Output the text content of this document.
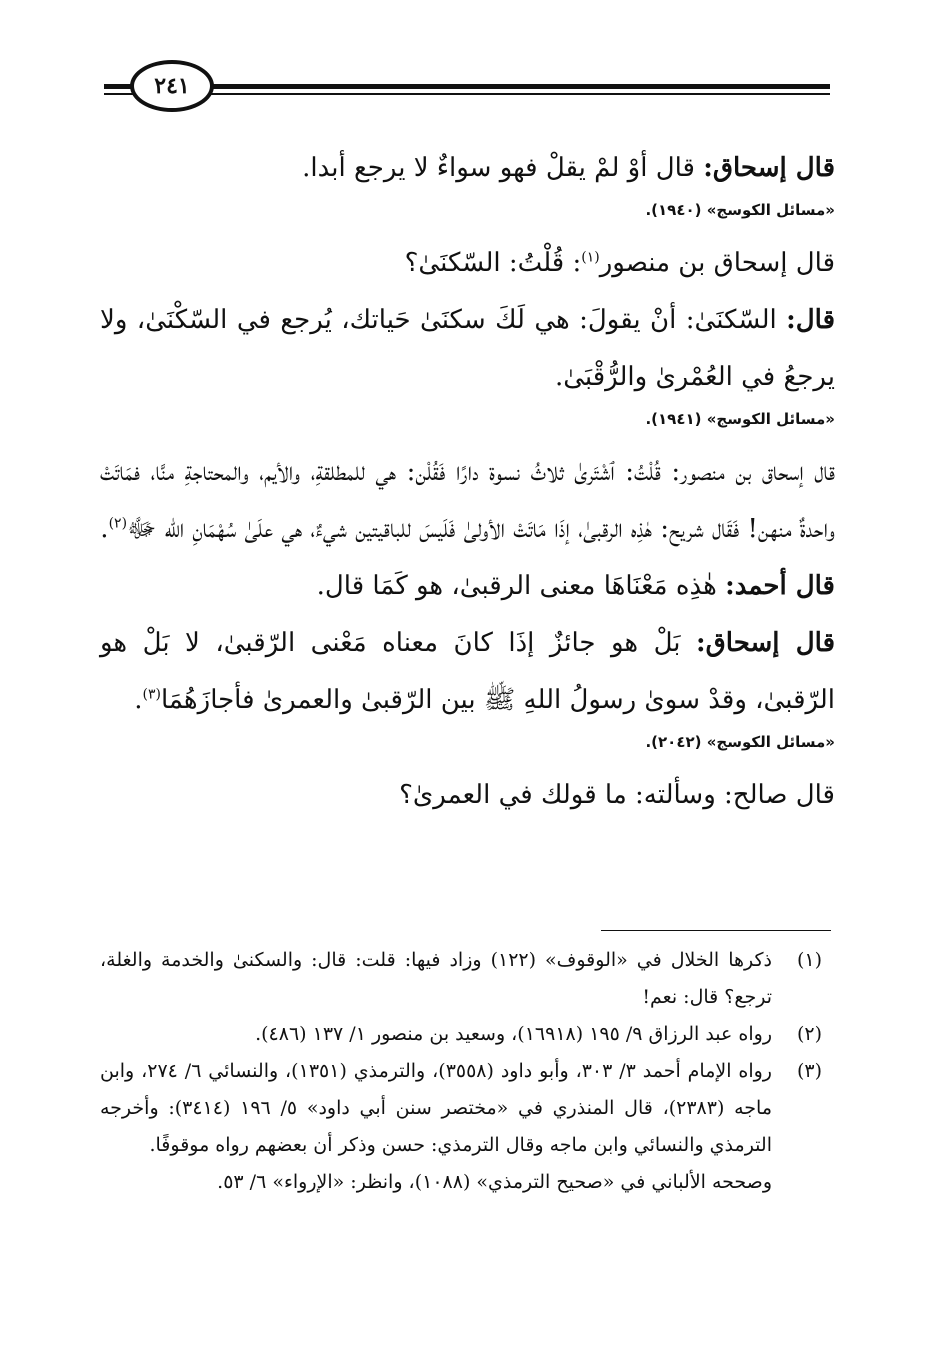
٢٤١

قال إسحاق: قال أوْ لمْ يقلْ فهو سواءٌ لا يرجع أبدا.

«مسائل الكوسج» (١٩٤٠).

قال إسحاق بن منصور$^{(١)}$: قُلْتُ: السّكنَىٰ؟

قال: السّكنَىٰ: أنْ يقولَ: هي لَكَ سكنَىٰ حَياتك، يُرجع في السّكْنَىٰ، ولا يرجعُ في العُمْرىٰ والرُّقْبَىٰ.

«مسائل الكوسج» (١٩٤١).

قال إسحاق بن منصور: قُلْتُ: ٱشْتَرىٰ ثلاثُ نسوة دارًا فَقُلْن: هي للمطلقةِ، والأيم، والمحتاجةِ منَّا، فمَاتَتْ واحدةٌ منهن! فَقَال شريح: هٰذِه الرقبىٰ، إذَا مَاتَتْ الأولىٰ فَلَيسَ للباقيتين شيءٌ، هي علَىٰ سُهْمَانِ الله ﷻ$^{(٢)}$.

قال أحمد: هٰذِه مَعْنَاهَا معنى الرقبىٰ، هو كَمَا قال.

قال إسحاق: بَلْ هو جائزٌ إذَا كانَ معناه مَعْنى الرّقبىٰ، لا بَلْ هو الرّقبىٰ، وقدْ سوىٰ رسولُ اللهِ ﷺ بين الرّقبىٰ والعمرىٰ فأجازَهُمَا$^{(٣)}$.

«مسائل الكوسج» (٢٠٤٢).

قال صالح: وسألته: ما قولك في العمرىٰ؟

(١)
ذكرها الخلال في «الوقوف» (١٢٢) وزاد فيها: قلت: قال: والسكنىٰ والخدمة والغلة، ترجع؟ قال: نعم!
(٢)
رواه عبد الرزاق ٩/ ١٩٥ (١٦٩١٨)، وسعيد بن منصور ١/ ١٣٧ (٤٨٦).
(٣)
رواه الإمام أحمد ٣/ ٣٠٣، وأبو داود (٣٥٥٨)، والترمذي (١٣٥١)، والنسائي ٦/ ٢٧٤، وابن ماجه (٢٣٨٣)، قال المنذري في «مختصر سنن أبي داود» ٥/ ١٩٦ (٣٤١٤): وأخرجه الترمذي والنسائي وابن ماجه وقال الترمذي: حسن وذكر أن بعضهم رواه موقوفًا.
وصححه الألباني في «صحيح الترمذي» (١٠٨٨)، وانظر: «الإرواء» ٦/ ٥٣.
